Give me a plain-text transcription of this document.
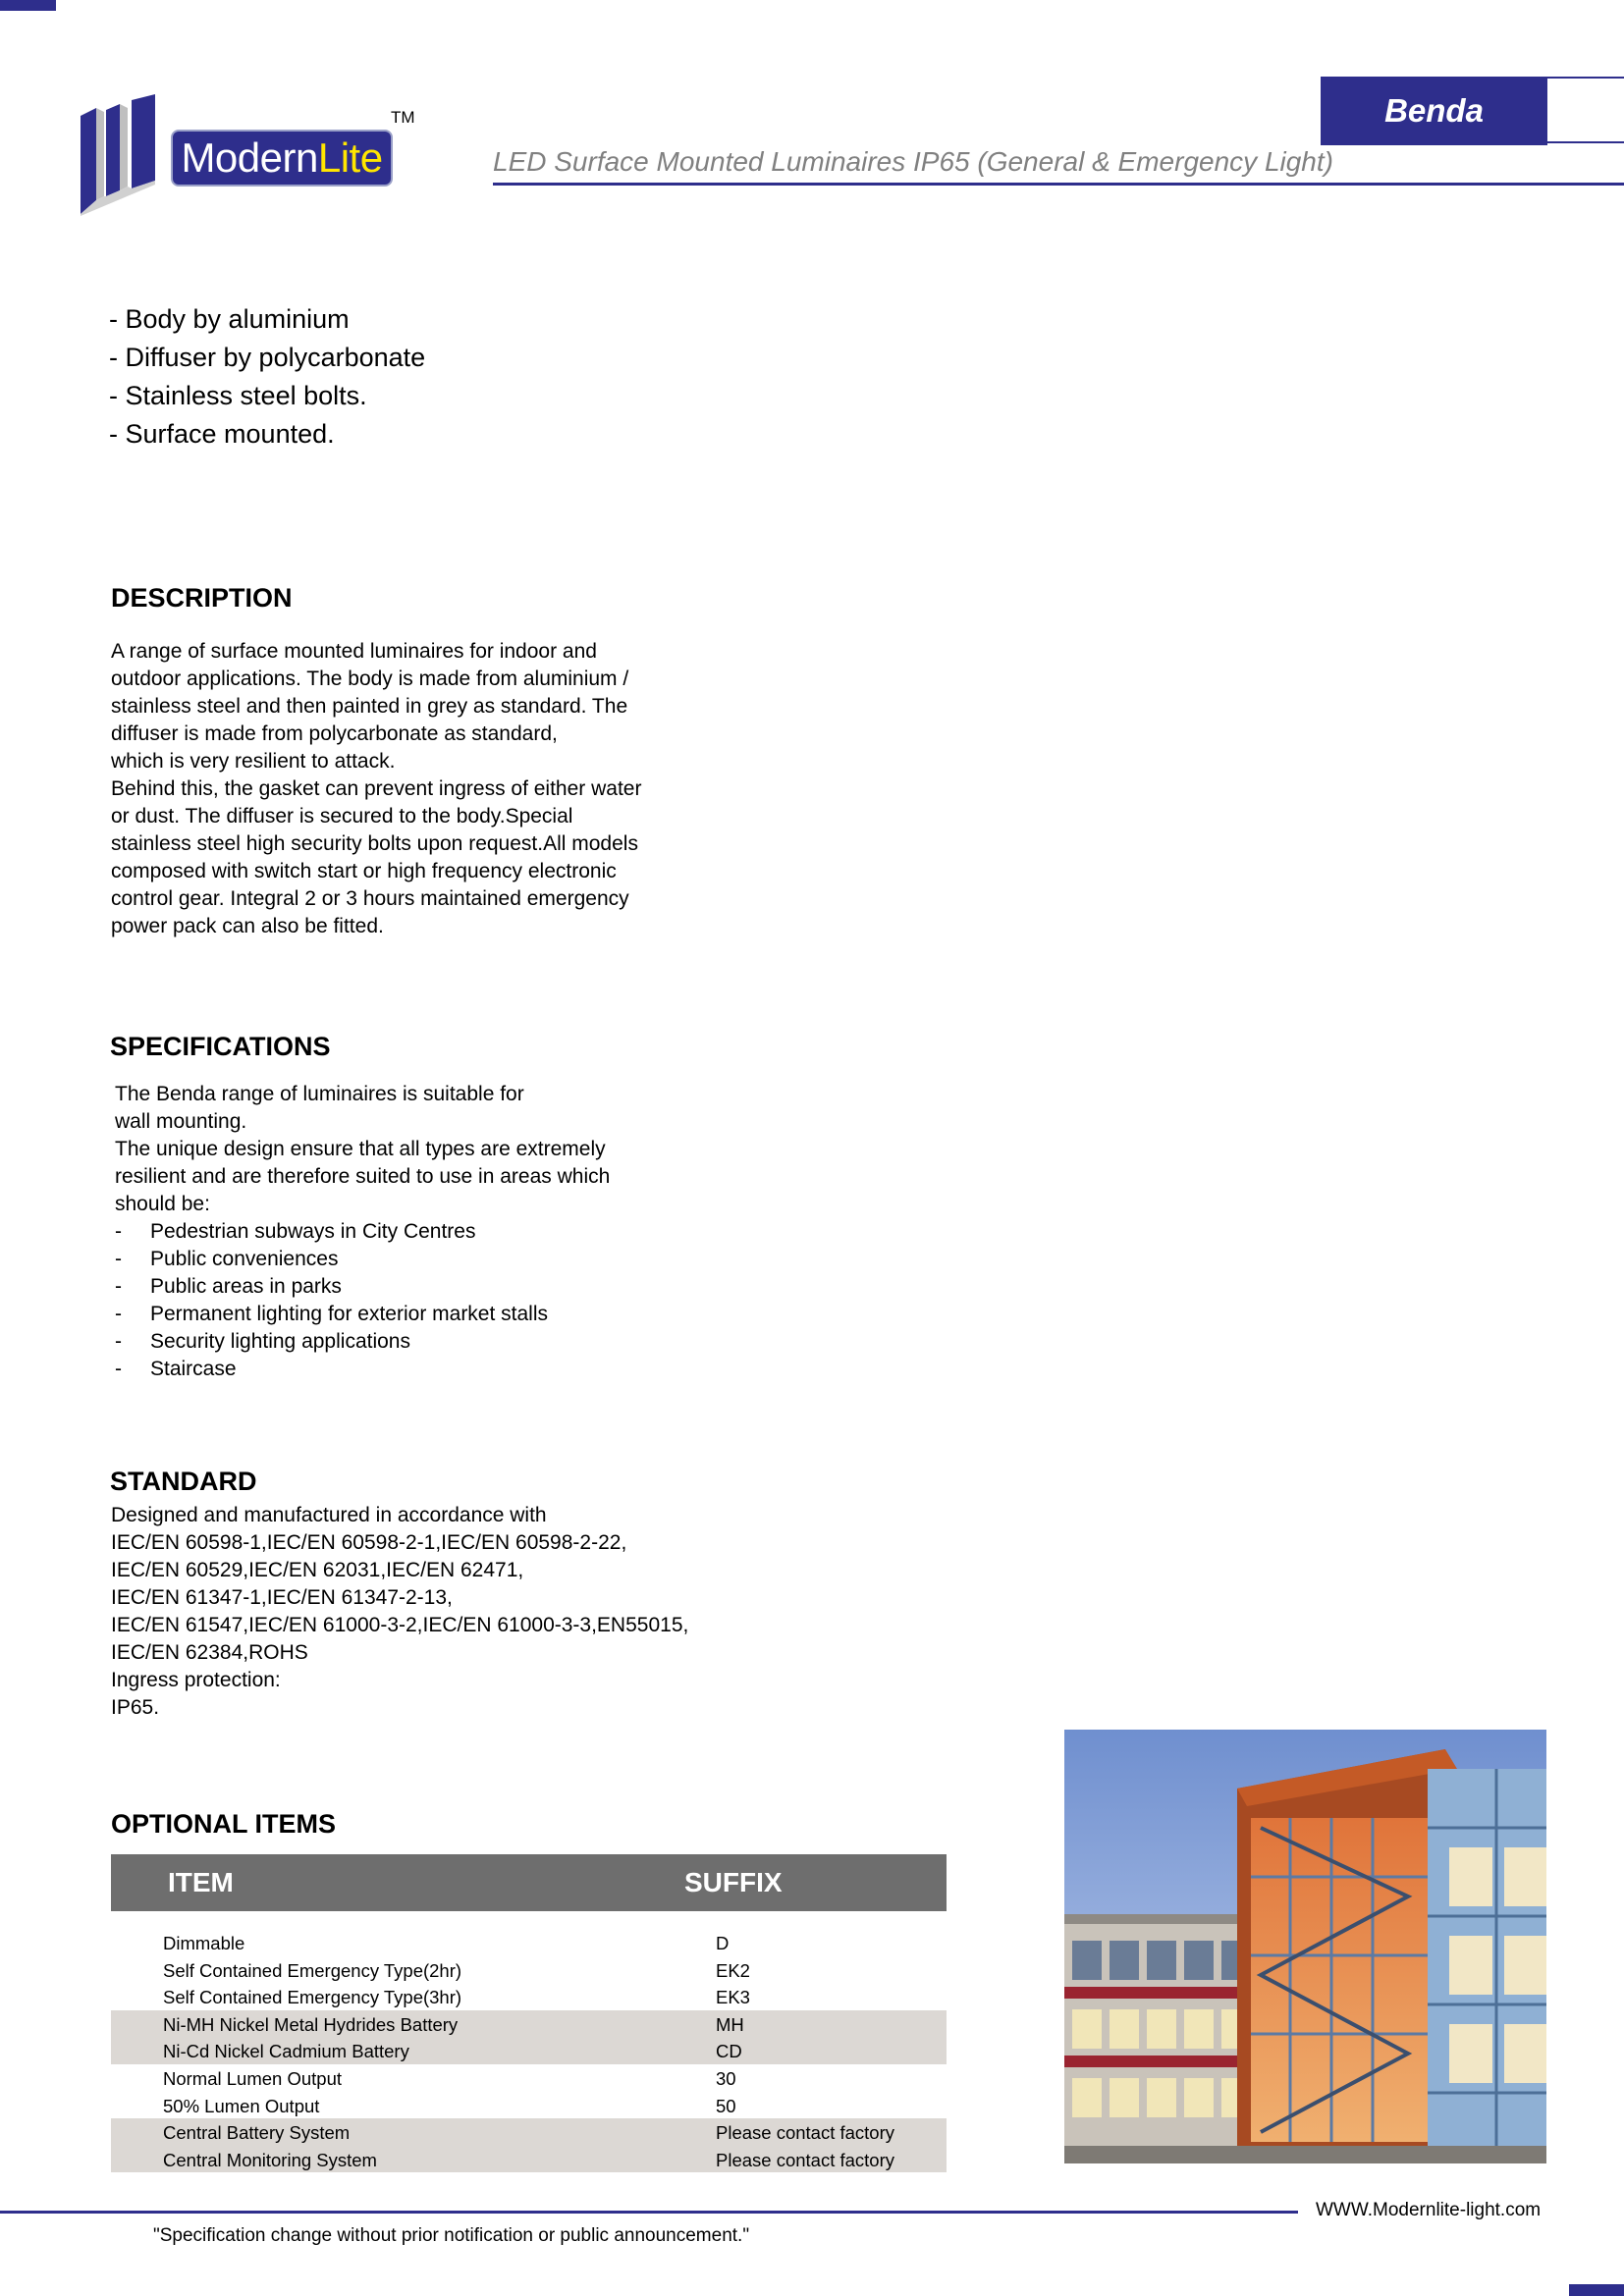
Modern Lite
TM	Benda
LED Surface Mounted Luminaires IP65 (General & Emergency Light)
- Body by aluminium
- Diffuser by polycarbonate
- Stainless steel bolts.
- Surface mounted.
DESCRIPTION

A range of surface mounted luminaires for indoor and

outdoor applications. The body is made from aluminium /

stainless steel and then painted in grey as standard. The

diffuser is made from polycarbonate as standard,

which is very resilient to attack.

Behind this, the gasket can prevent ingress of either water

or dust. The diffuser is secured to the body.Special

stainless steel high security bolts upon request.All models

composed with switch start or high frequency electronic

control gear. Integral 2 or 3 hours maintained emergency

power pack can also be fitted.

SPECIFICATIONS

The Benda range of luminaires is suitable for

wall mounting.

The unique design ensure that all types are extremely

resilient and are therefore suited to use in areas which

should be:

-	Pedestrian subways in City Centres
-	Public conveniences
-	Public areas in parks
-	Permanent lighting for exterior market stalls
-	Security lighting applications
-	Staircase
STANDARD

Designed and manufactured in accordance with

IEC/EN 60598-1,IEC/EN 60598-2-1,IEC/EN 60598-2-22,

IEC/EN 60529,IEC/EN 62031,IEC/EN 62471,

IEC/EN 61347-1,IEC/EN 61347-2-13,

IEC/EN 61547,IEC/EN 61000-3-2,IEC/EN 61000-3-3,EN55015,

IEC/EN 62384,ROHS

Ingress protection:

IP65.

OPTIONAL ITEMS
ITEM	SUFFIX
Dimmable	D
Self Contained Emergency Type(2hr)	EK2
Self Contained Emergency Type(3hr)	EK3
Ni-MH Nickel Metal Hydrides Battery	MH
Ni-Cd Nickel Cadmium Battery	CD
Normal Lumen Output	30
50% Lumen Output	50
Central Battery System	Please contact factory
Central Monitoring System	Please contact factory
WWW.Modernlite-light.com
"Specification change without prior notification or public announcement."
